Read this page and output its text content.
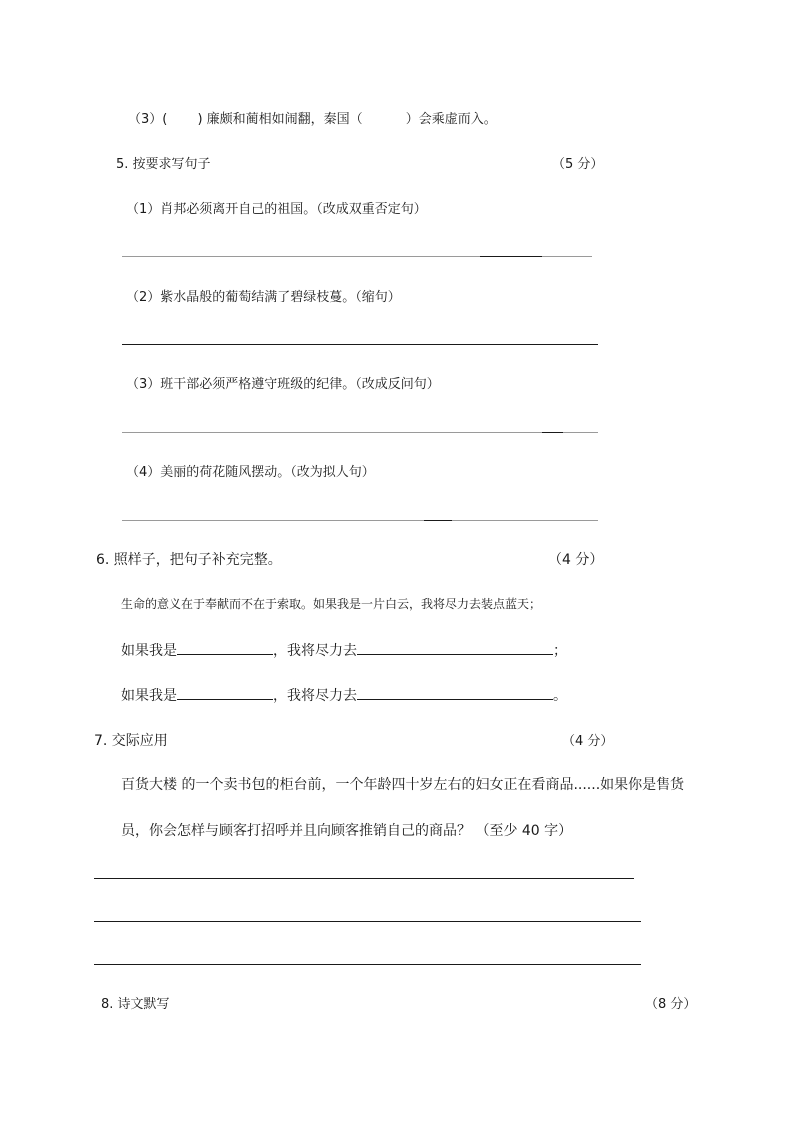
（3）(　　 ) 廉颇和蔺相如闹翻，秦国（　　　 ）会乘虚而入。
5. 按要求写句子	（5 分）
（1）肖邦必须离开自己的祖国。（改成双重否定句）
（2）紫水晶般的葡萄结满了碧绿枝蔓。（缩句）
（3）班干部必须严格遵守班级的纪律。（改成反问句）
（4）美丽的荷花随风摆动。（改为拟人句）
6. 照样子，把句子补充完整。	（4 分）
生命的意义在于奉献而不在于索取。如果我是一片白云，我将尽力去装点蓝天；
如果我是	，我将尽力去	；
如果我是	，我将尽力去	。
7. 交际应用	（4 分）
百货大楼 的一个卖书包的柜台前，一个年龄四十岁左右的妇女正在看商品......如果你是售货
员，你会怎样与顾客打招呼并且向顾客推销自己的商品？ （至少 40 字）
8. 诗文默写	（8 分）
